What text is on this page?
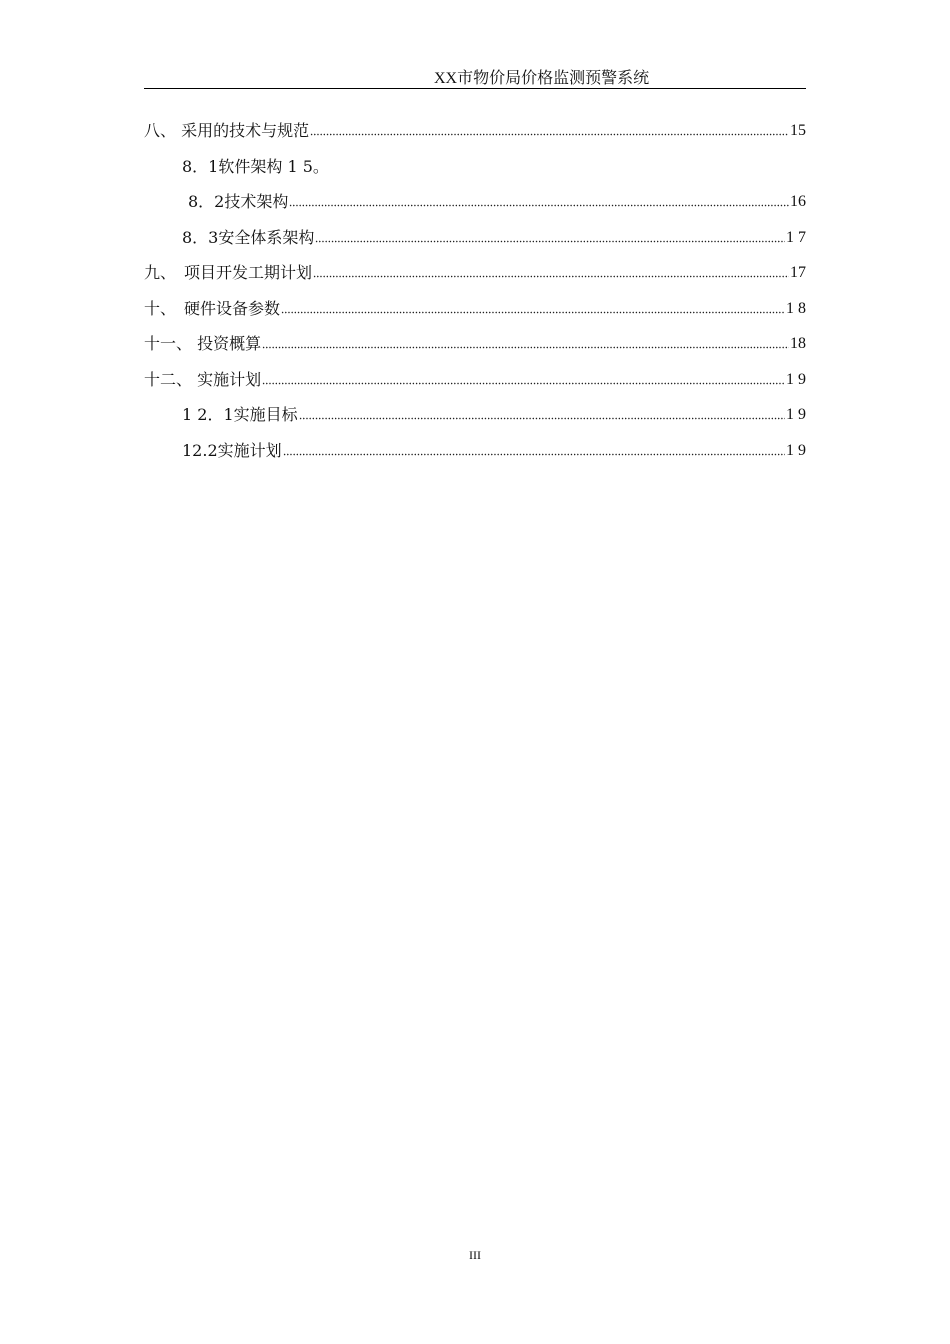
XX市物价局价格监测预警系统
八、 采用的技术与规范	15
8．1软件架构 1 5。
8．2技术架构	16
8．3安全体系架构	1 7
九、　项目开发工期计划	17
十、　硬件设备参数	1 8
十一、 投资概算	18
十二、 实施计划	1 9
1 2．1实施目标	1 9
12.2实施计划	1 9
III
